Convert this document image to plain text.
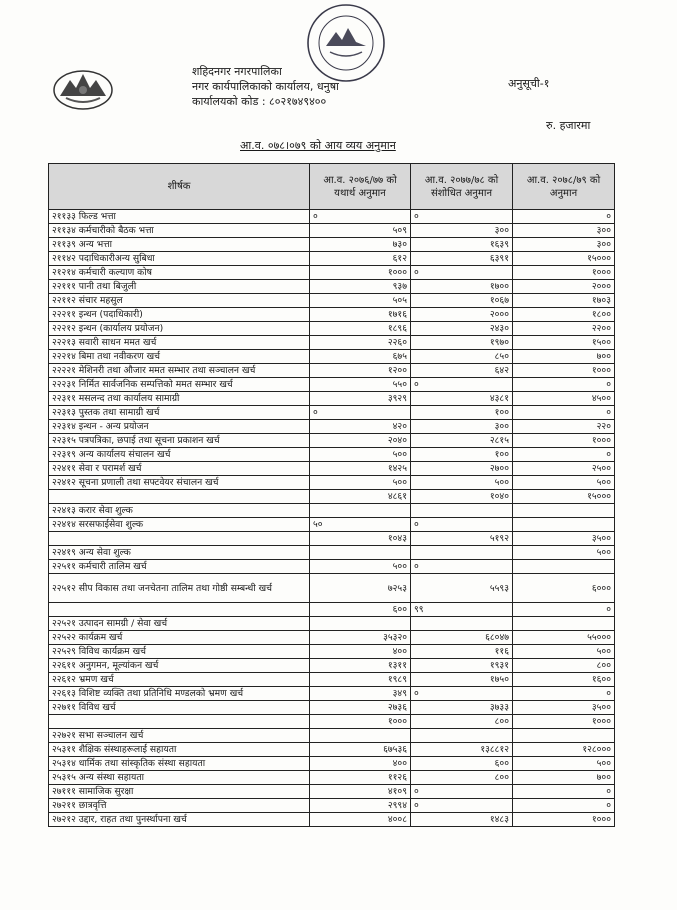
शहिदनगर नगरपालिका
नगर कार्यपालिकाको कार्यालय, धनुषा
कार्यालयको कोड : ८०२१७४९४००
अनुसूची-१
रु. हजारमा
आ.व. ०७८।०७९ को आय व्यय अनुमान
शीर्षक	आ.व. २०७६/७७ को यथार्थ अनुमान	आ.व. २०७७/७८ को संशोधित अनुमान	आ.व. २०७८/७९ को अनुमान
२११३३ फिल्ड भत्ता	०	०	०
२११३४ कर्मचारीको बैठक भत्ता	५०९	३००	३००
२११३९ अन्य भत्ता	७३०	१६३९	३००
२११४२ पदाधिकारीअन्य सुबिधा	६१२	६३९१	१५०००
२१२१४ कर्मचारी कल्याण कोष	१०००	०	१०००
२२१११ पानी तथा बिजुली	९३७	१७००	२०००
२२११२ संचार महसुल	५०५	१०६७	१७०३
२२२११ इन्धन (पदाधिकारी)	१७१६	२०००	१८००
२२२१२ इन्धन (कार्यालय प्रयोजन)	१८९६	२४३०	२२००
२२२१३ सवारी साधन ममत खर्च	२२६०	१९७०	१५००
२२२१४ बिमा तथा नवीकरण खर्च	६७५	८५०	७००
२२२२१ मेशिनरी तथा औजार ममत सम्भार तथा सञ्चालन खर्च	१२००	६४२	१०००
२२२३१ निर्मित सार्वजनिक सम्पत्तिको ममत सम्भार खर्च	५५०	०	०
२२३११ मसलन्द तथा कार्यालय सामाग्री	३९२९	४३८१	४५००
२२३१३ पुस्तक तथा सामाग्री खर्च	०	१००	०
२२३१४ इन्धन - अन्य प्रयोजन	४२०	३००	२२०
२२३१५ पत्रपत्रिका, छपाई तथा सूचना प्रकाशन खर्च	२०४०	२८१५	१०००
२२३१९ अन्य कार्यालय संचालन खर्च	५००	१००	०
२२४११ सेवा र परामर्श खर्च	१४२५	२७००	२५००
२२४१२ सूचना प्रणाली तथा सफ्टवेयर संचालन खर्च	५००	५००	५००
	४८६१	१०४०	१५०००
२२४१३ करार सेवा शुल्क			
२२४१४ सरसफाईसेवा शुल्क	५०	०	
	१०४३	५१९२	३५००
२२४१९ अन्य सेवा शुल्क			५००
२२५११ कर्मचारी तालिम खर्च	५००	०	
२२५१२ सीप विकास तथा जनचेतना तालिम तथा गोष्ठी सम्बन्धी खर्च	७२५३	५५९३	६०००
	६००	९९	०
२२५२१ उत्पादन सामग्री / सेवा खर्च			
२२५२२ कार्यक्रम खर्च	३५३२०	६८०४७	५५०००
२२५२९ विविध कार्यक्रम खर्च	४००	११६	५००
२२६११ अनुगमन, मूल्यांकन खर्च	१३११	१९३१	८००
२२६१२ भ्रमण खर्च	१९८९	१७५०	१६००
२२६१३ विशिष्ट व्यक्ति तथा प्रतिनिधि मण्डलको भ्रमण खर्च	३४९	०	०
२२७११ विविध खर्च	२७३६	३७३३	३५००
	१०००	८००	१०००
२२७२१ सभा सञ्चालन खर्च			
२५३११ शैक्षिक संस्थाहरूलाई सहायता	६७५३६	१३८८१२	१२८०००
२५३१४ धार्मिक तथा सांस्कृतिक संस्था सहायता	४००	६००	५००
२५३१५ अन्य संस्था सहायता	११२६	८००	७००
२७१११ सामाजिक सुरक्षा	४१०९	०	०
२७२११ छात्रवृत्ति	२९९४	०	०
२७२१२ उद्दार, राहत तथा पुनर्स्थापना खर्च	४००८	१४८३	१०००
